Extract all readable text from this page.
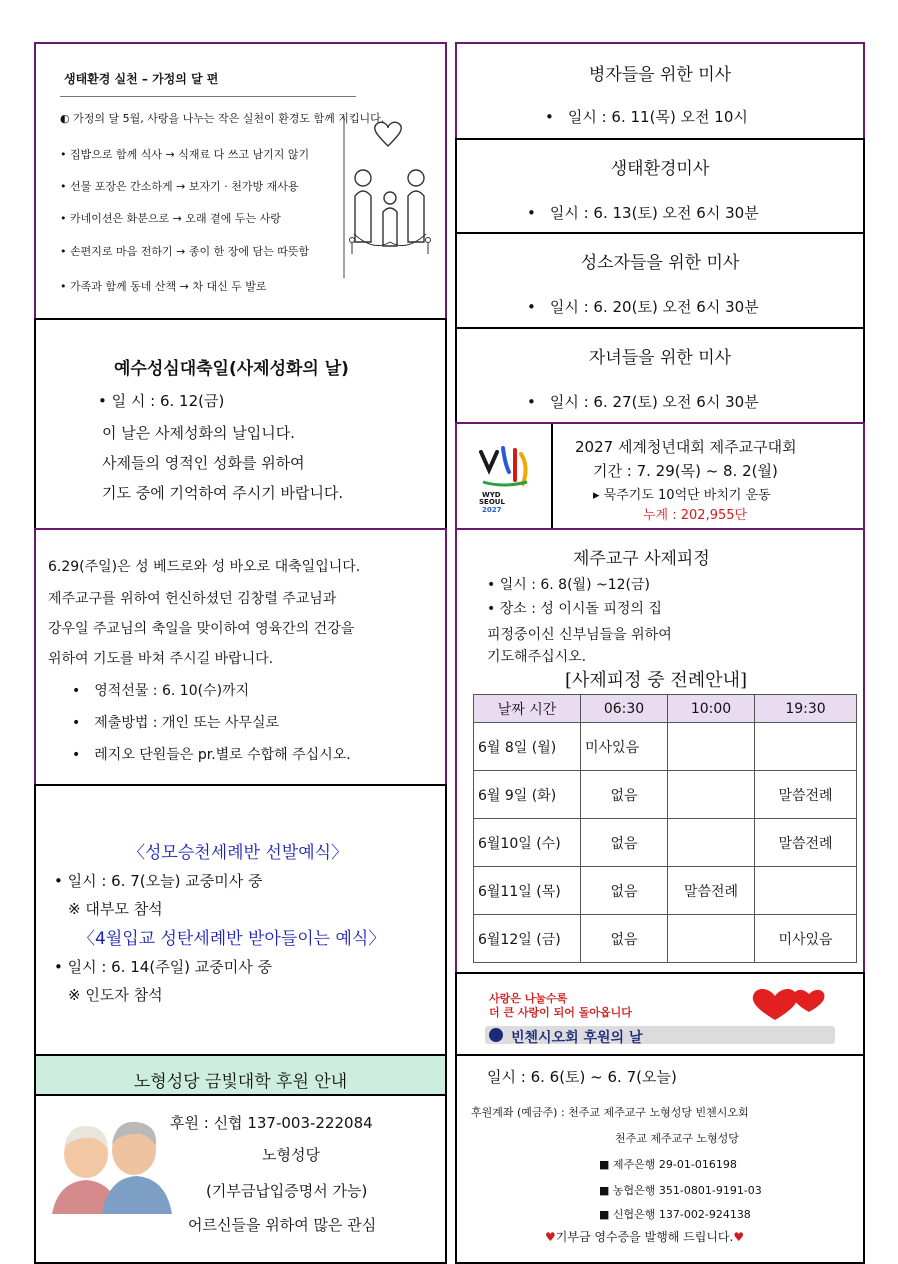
생태환경 실천 – 가정의 달 편
◐ 가정의 달 5월, 사랑을 나누는 작은 실천이 환경도 함께 지킵니다.
• 집밥으로 함께 식사 → 식재료 다 쓰고 남기지 않기
• 선물 포장은 간소하게 → 보자기 · 천가방 재사용
• 카네이션은 화분으로 → 오래 곁에 두는 사랑
• 손편지로 마음 전하기 → 종이 한 장에 담는 따뜻함
• 가족과 함께 동네 산책 → 차 대신 두 발로
예수성심대축일(사제성화의 날)
• 일 시 : 6. 12(금)
이 날은 사제성화의 날입니다.
사제들의 영적인 성화를 위하여
기도 중에 기억하여 주시기 바랍니다.
6.29(주일)은 성 베드로와 성 바오로 대축일입니다.
제주교구를 위하여 헌신하셨던 김창렬 주교님과
강우일 주교님의 축일을 맞이하여 영육간의 건강을
위하여 기도를 바쳐 주시길 바랍니다.
• 영적선물 : 6. 10(수)까지
• 제출방법 : 개인 또는 사무실로
• 레지오 단원들은 pr.별로 수합해 주십시오.
〈성모승천세례반 선발예식〉
• 일시 : 6. 7(오늘) 교중미사 중
※ 대부모 참석
〈4월입교 성탄세례반 받아들이는 예식〉
• 일시 : 6. 14(주일) 교중미사 중
※ 인도자 참석
노형성당 금빛대학 후원 안내
후원 : 신협 137-003-222084
노형성당
(기부금납입증명서 가능)
어르신들을 위하여 많은 관심
병자들을 위한 미사
• 일시 : 6. 11(목) 오전 10시
생태환경미사
• 일시 : 6. 13(토) 오전 6시 30분
성소자들을 위한 미사
• 일시 : 6. 20(토) 오전 6시 30분
자녀들을 위한 미사
• 일시 : 6. 27(토) 오전 6시 30분
WYD
SEOUL
2027
2027 세계청년대회 제주교구대회
기간 : 7. 29(목) ~ 8. 2(월)
▸ 묵주기도 10억단 바치기 운동
누계 : 202,955단
제주교구 사제피정
• 일시 : 6. 8(월) ~12(금)
• 장소 : 성 이시돌 피정의 집
피정중이신 신부님들을 위하여
기도해주십시오.
[사제피정 중 전례안내]
날짜 시간	06:30	10:00	19:30
6월 8일 (월)	미사있음		
6월 9일 (화)	없음		말씀전례
6월10일 (수)	없음		말씀전례
6월11일 (목)	없음	말씀전례	
6월12일 (금)	없음		미사있음
사랑은 나눌수록
더 큰 사랑이 되어 돌아옵니다
빈첸시오회 후원의 날
일시 : 6. 6(토) ~ 6. 7(오늘)
후원계좌 (예금주) : 천주교 제주교구 노형성당 빈첸시오회
천주교 제주교구 노형성당
■ 제주은행 29-01-016198
■ 농협은행 351-0801-9191-03
■ 신협은행 137-002-924138
♥기부금 영수증을 발행해 드립니다.♥
